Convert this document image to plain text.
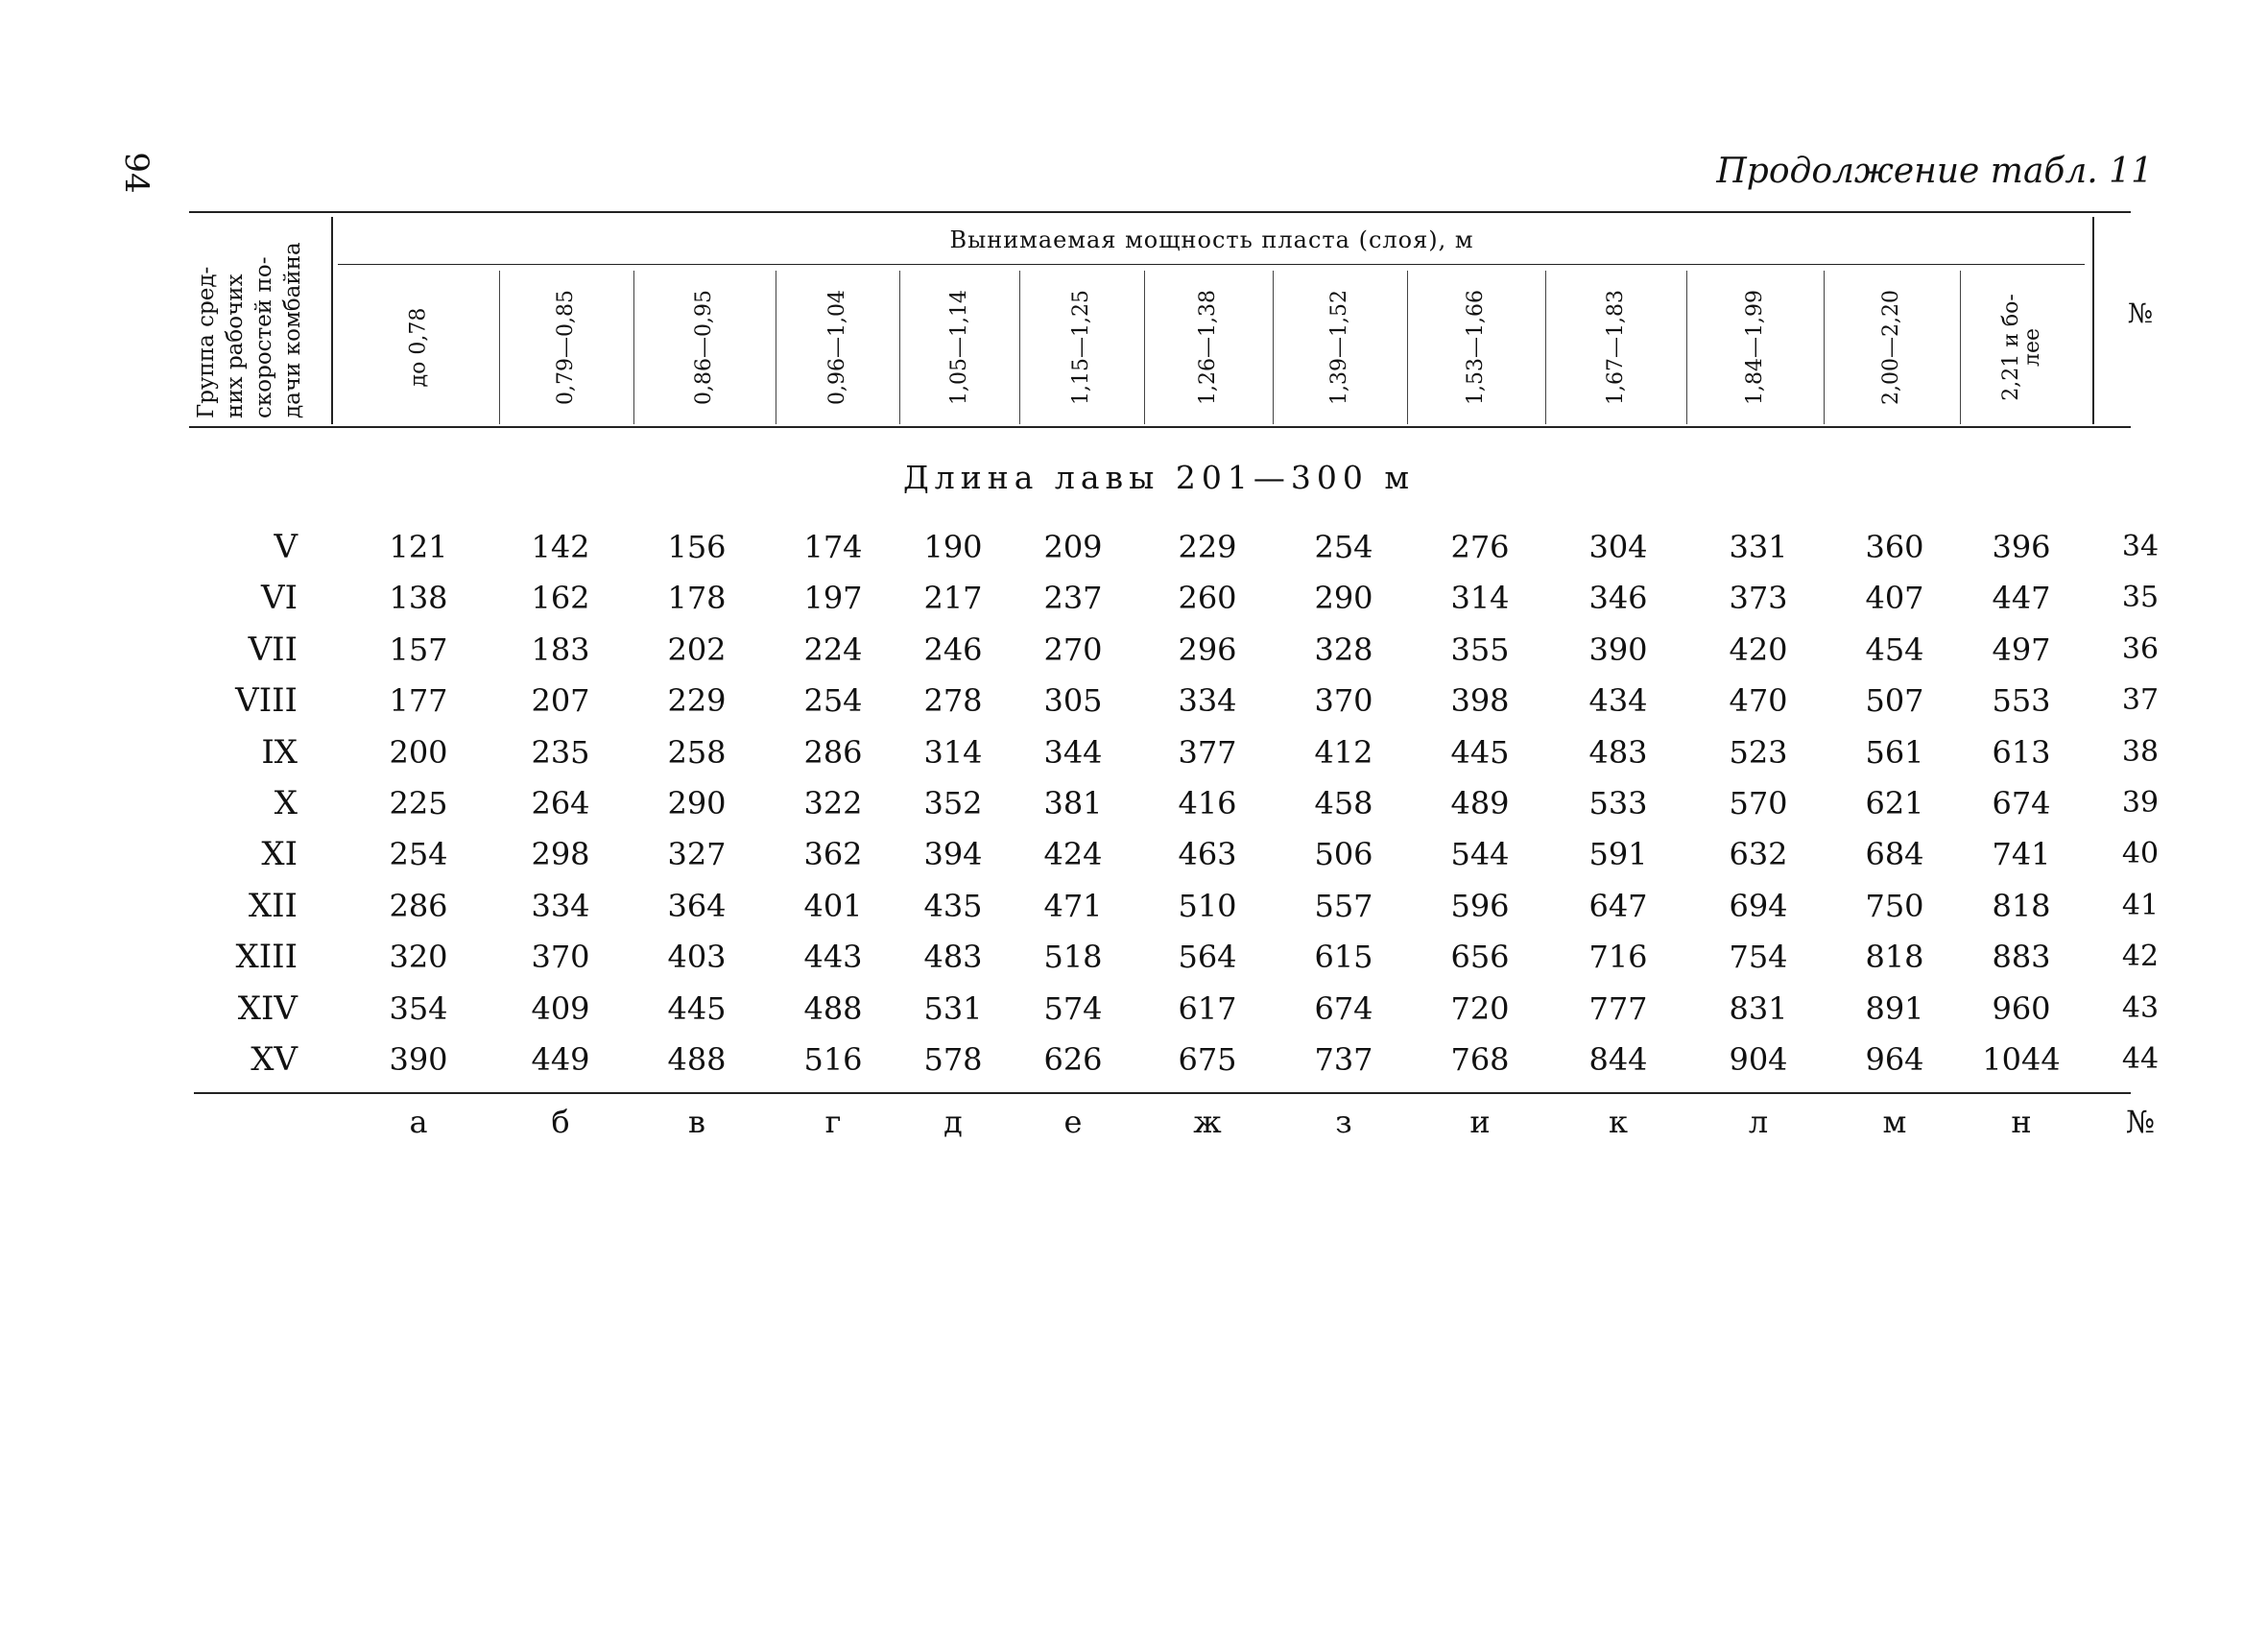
94	Продолжение табл. 11
Группа сред-
них рабочих
скоростей по-
дачи комбайна
Вынимаемая мощность пласта (слоя), м
№
до 0,78	0,79—0,85	0,86—0,95	0,96—1,04	1,05—1,14	1,15—1,25	1,26—1,38	1,39—1,52	1,53—1,66	1,67—1,83	1,84—1,99	2,00—2,20	2,21 и бо-
лее
Длина лавы 201—300 м
V	121	142	156	174	190	209	229	254	276	304	331	360	396	34
VI	138	162	178	197	217	237	260	290	314	346	373	407	447	35
VII	157	183	202	224	246	270	296	328	355	390	420	454	497	36
VIII	177	207	229	254	278	305	334	370	398	434	470	507	553	37
IX	200	235	258	286	314	344	377	412	445	483	523	561	613	38
X	225	264	290	322	352	381	416	458	489	533	570	621	674	39
XI	254	298	327	362	394	424	463	506	544	591	632	684	741	40
XII	286	334	364	401	435	471	510	557	596	647	694	750	818	41
XIII	320	370	403	443	483	518	564	615	656	716	754	818	883	42
XIV	354	409	445	488	531	574	617	674	720	777	831	891	960	43
XV	390	449	488	516	578	626	675	737	768	844	904	964	1044	44
а	б	в	г	д	е	ж	з	и	к	л	м	н	№
